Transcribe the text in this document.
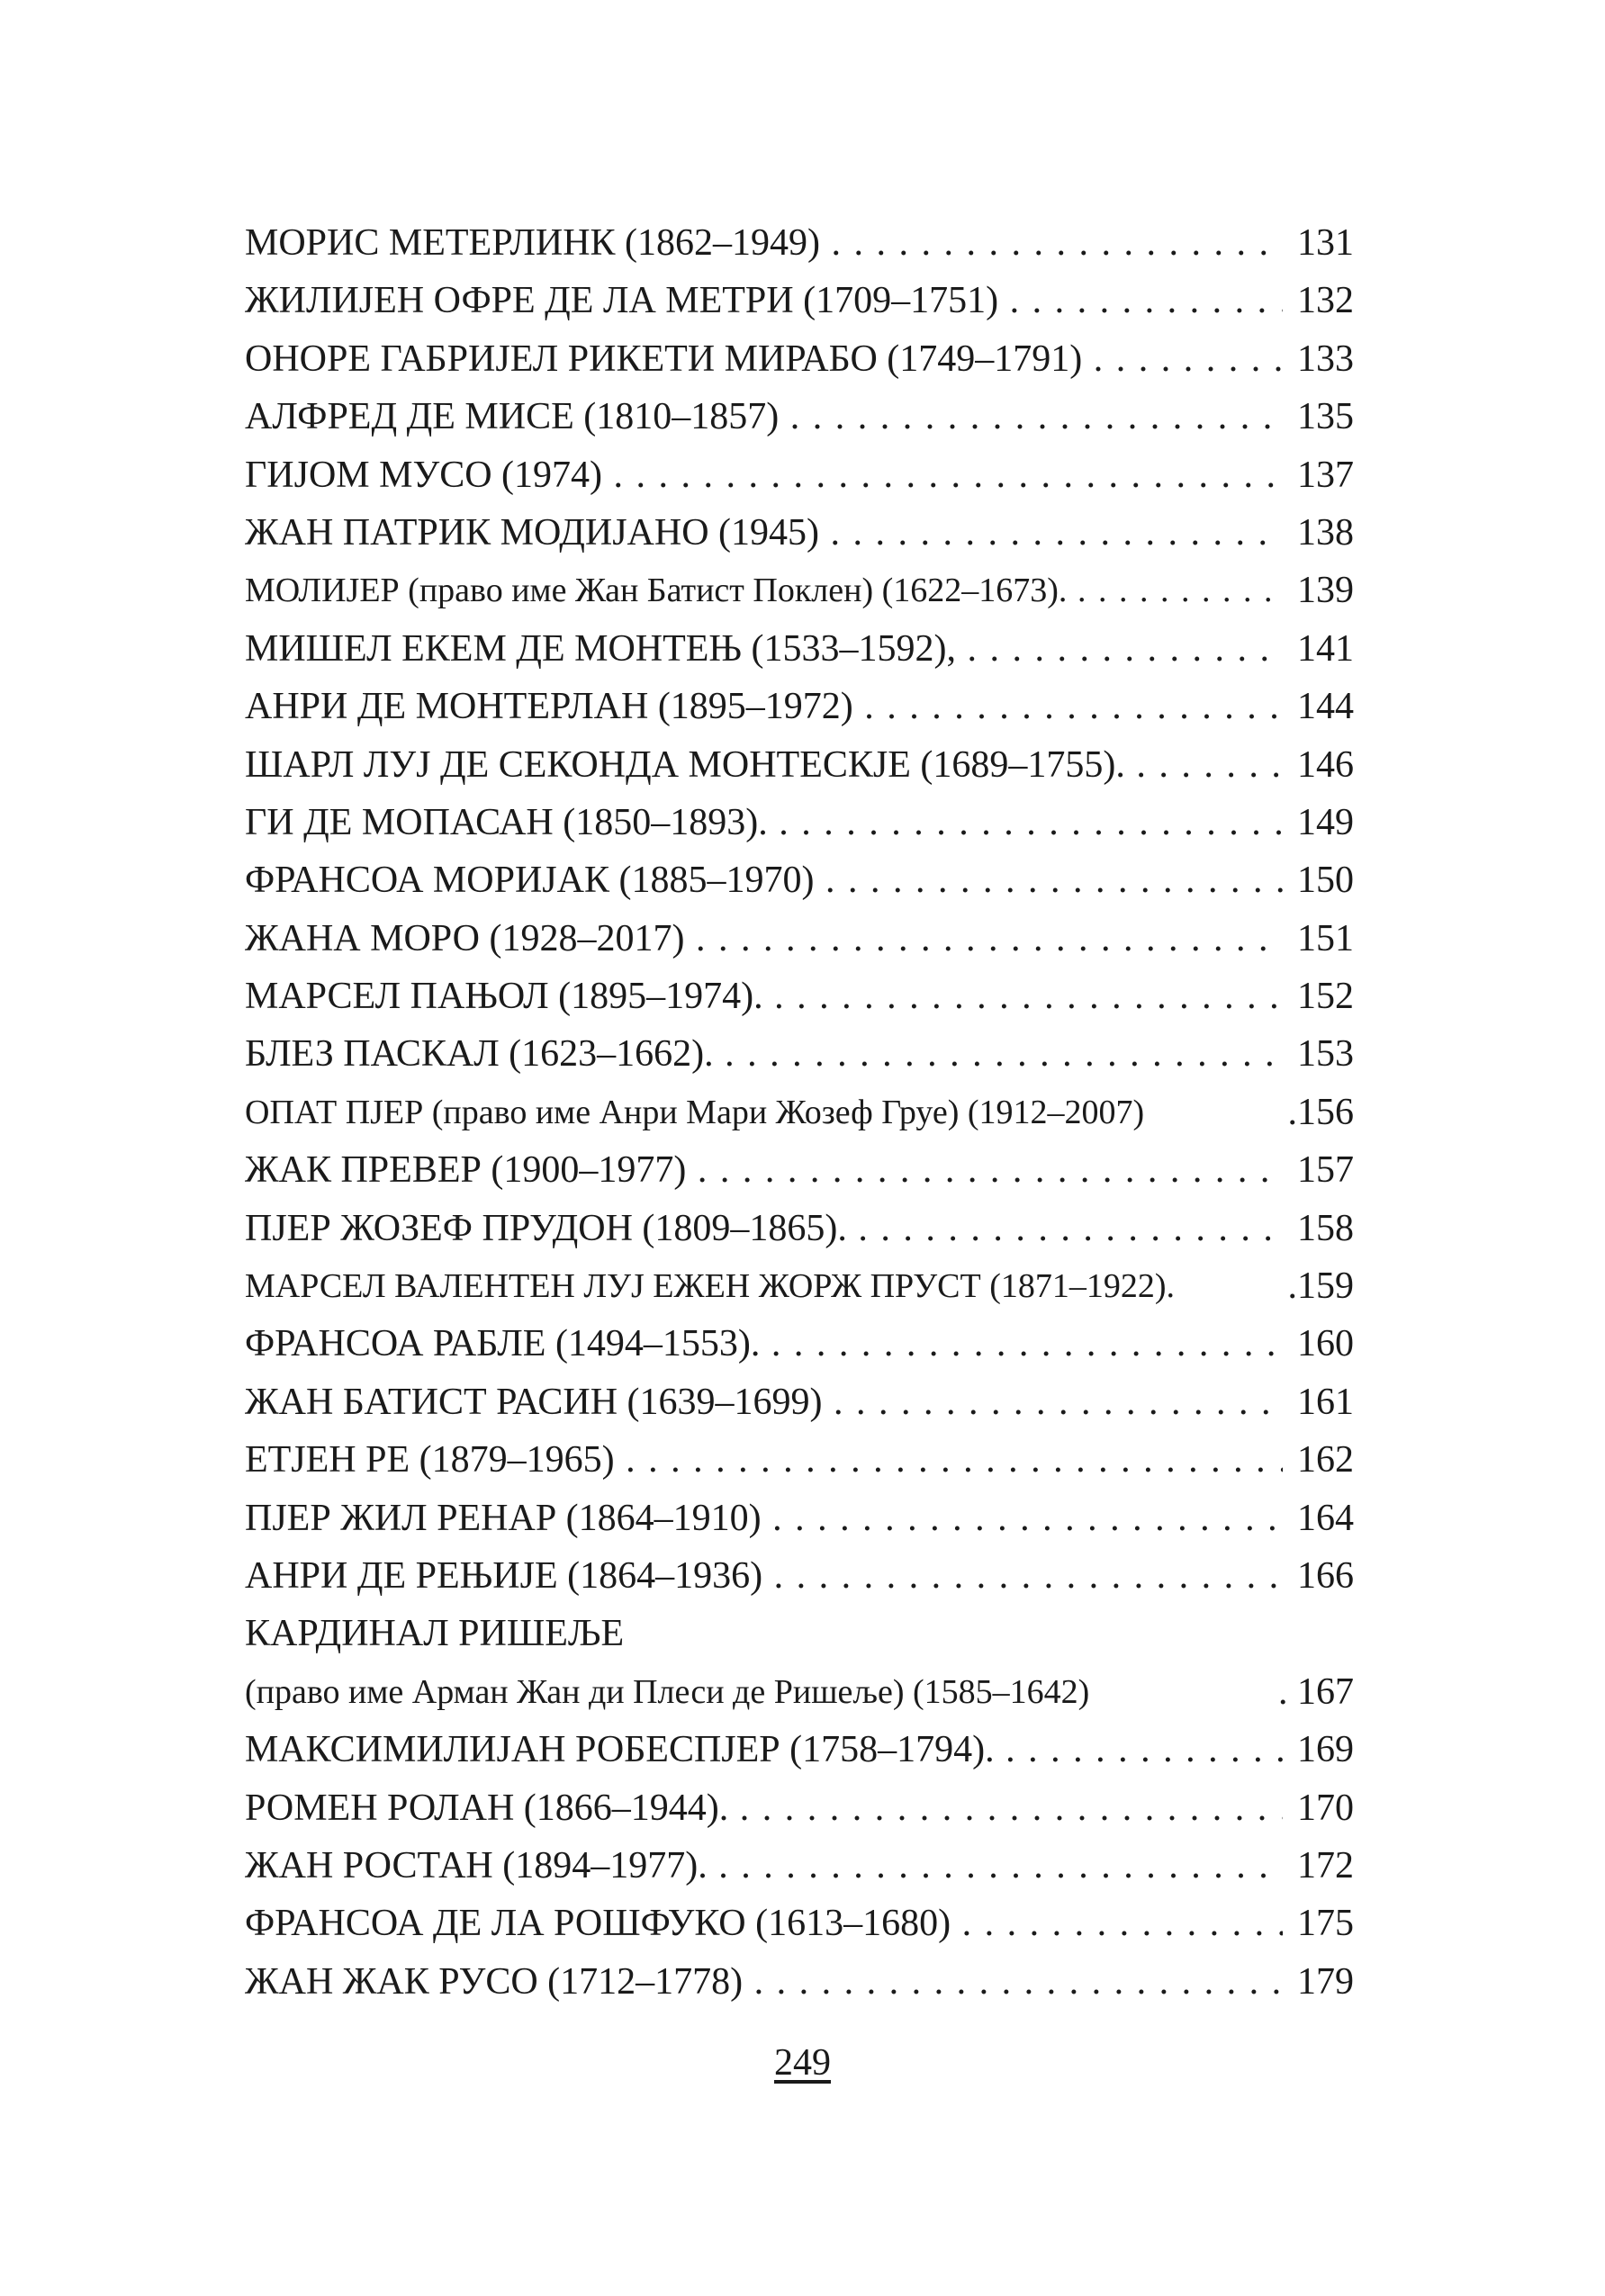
МОРИС МЕТЕРЛИНК (1862–1949) . . .	131
ЖИЛИЈЕН ОФРЕ ДЕ ЛА МЕТРИ (1709–1751) . . .	132
ОНОРЕ ГАБРИЈЕЛ РИКЕТИ МИРАБО (1749–1791) . . .	133
АЛФРЕД ДЕ МИСЕ (1810–1857) . . .	135
ГИЈОМ МУСО (1974) . . .	137
ЖАН ПАТРИК МОДИЈАНО (1945) . . .	138
МОЛИЈЕР (право име Жан Батист Поклен) (1622–1673). . . .	139
МИШЕЛ ЕКЕМ ДЕ МОНТЕЊ (1533–1592), . . .	141
АНРИ ДЕ МОНТЕРЛАН (1895–1972) . . .	144
ШАРЛ ЛУЈ ДЕ СЕКОНДА МОНТЕСКЈЕ (1689–1755). . . .	146
ГИ ДЕ МОПАСАН (1850–1893). . . .	149
ФРАНСОА МОРИЈАК (1885–1970) . . .	150
ЖАНА МОРО (1928–2017) . . .	151
МАРСЕЛ ПАЊОЛ (1895–1974). . . .	152
БЛЕЗ ПАСКАЛ (1623–1662). . . .	153
ОПАТ ПЈЕР (право име Анри Мари Жозеф Груе) (1912–2007)	.156
ЖАК ПРЕВЕР (1900–1977) . . .	157
ПЈЕР ЖОЗЕФ ПРУДОН (1809–1865). . . .	158
МАРСЕЛ ВАЛЕНТЕН ЛУЈ ЕЖЕН ЖОРЖ ПРУСТ (1871–1922).	.159
ФРАНСОА РАБЛЕ (1494–1553). . . .	160
ЖАН БАТИСТ РАСИН (1639–1699) . . .	161
ЕТЈЕН РЕ (1879–1965) . . .	162
ПЈЕР ЖИЛ РЕНАР (1864–1910) . . .	164
АНРИ ДЕ РЕЊИЈЕ (1864–1936) . . .	166
КАРДИНАЛ РИШЕЉЕ
(право име Арман Жан ди Плеси де Ришеље) (1585–1642)	. 167
МАКСИМИЛИЈАН РОБЕСПЈЕР (1758–1794). . . .	169
РОМЕН РОЛАН (1866–1944). . . .	170
ЖАН РОСТАН (1894–1977). . . .	172
ФРАНСОА ДЕ ЛА РОШФУКО (1613–1680) . . .	175
ЖАН ЖАК РУСО (1712–1778) . . .	179
249
